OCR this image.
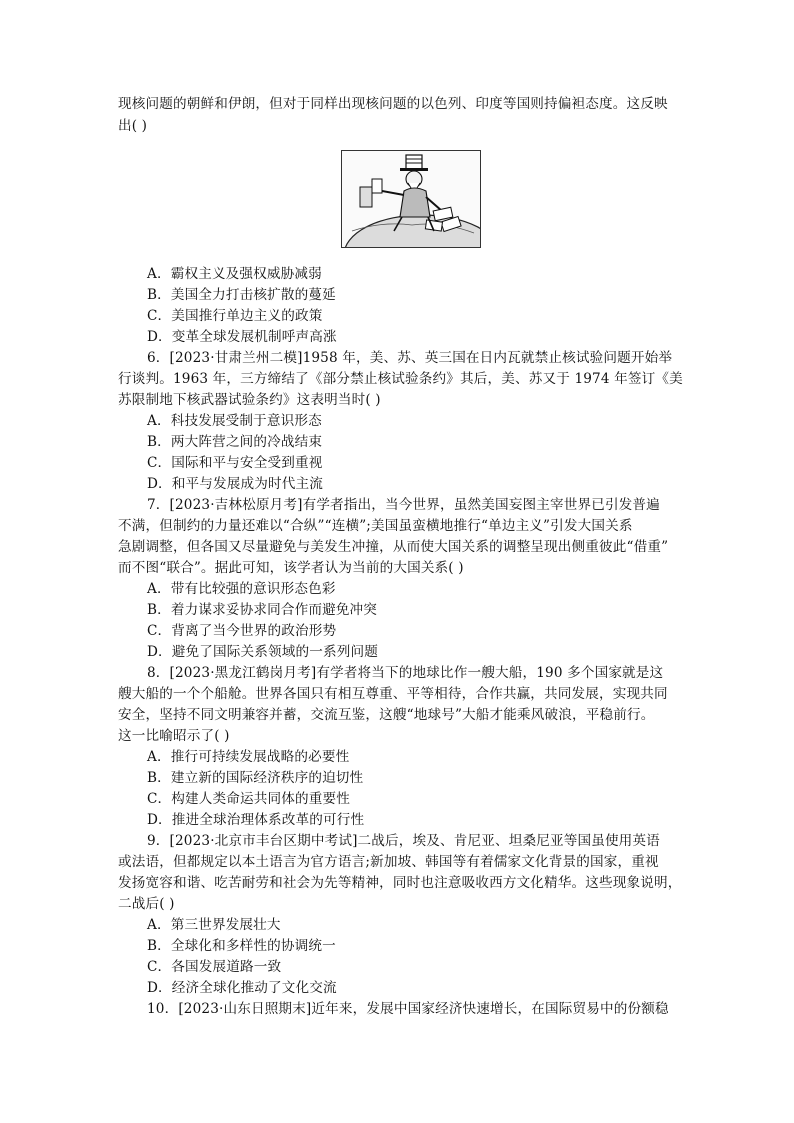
现核问题的朝鲜和伊朗，但对于同样出现核问题的以色列、印度等国则持偏袒态度。这反映
出( )
A．霸权主义及强权威胁减弱
B．美国全力打击核扩散的蔓延
C．美国推行单边主义的政策
D．变革全球发展机制呼声高涨
6．[2023·甘肃兰州二模]1958 年，美、苏、英三国在日内瓦就禁止核试验问题开始举
行谈判。1963 年，三方缔结了《部分禁止核试验条约》其后，美、苏又于 1974 年签订《美
苏限制地下核武器试验条约》这表明当时( )
A．科技发展受制于意识形态
B．两大阵营之间的冷战结束
C．国际和平与安全受到重视
D．和平与发展成为时代主流
7．[2023·吉林松原月考]有学者指出，当今世界，虽然美国妄图主宰世界已引发普遍
不满，但制约的力量还难以“合纵”“连横”;美国虽蛮横地推行“单边主义”引发大国关系
急剧调整，但各国又尽量避免与美发生冲撞，从而使大国关系的调整呈现出侧重彼此“借重”
而不图“联合”。据此可知，该学者认为当前的大国关系( )
A．带有比较强的意识形态色彩
B．着力谋求妥协求同合作而避免冲突
C．背离了当今世界的政治形势
D．避免了国际关系领域的一系列问题
8．[2023·黑龙江鹤岗月考]有学者将当下的地球比作一艘大船，190 多个国家就是这
艘大船的一个个船舱。世界各国只有相互尊重、平等相待，合作共赢，共同发展，实现共同
安全，坚持不同文明兼容并蓄，交流互鉴，这艘“地球号”大船才能乘风破浪，平稳前行。
这一比喻昭示了( )
A．推行可持续发展战略的必要性
B．建立新的国际经济秩序的迫切性
C．构建人类命运共同体的重要性
D．推进全球治理体系改革的可行性
9．[2023·北京市丰台区期中考试]二战后，埃及、肯尼亚、坦桑尼亚等国虽使用英语
或法语，但都规定以本土语言为官方语言;新加坡、韩国等有着儒家文化背景的国家，重视
发扬宽容和谐、吃苦耐劳和社会为先等精神，同时也注意吸收西方文化精华。这些现象说明，
二战后( )
A．第三世界发展壮大
B．全球化和多样性的协调统一
C．各国发展道路一致
D．经济全球化推动了文化交流
10．[2023·山东日照期末]近年来，发展中国家经济快速增长，在国际贸易中的份额稳
